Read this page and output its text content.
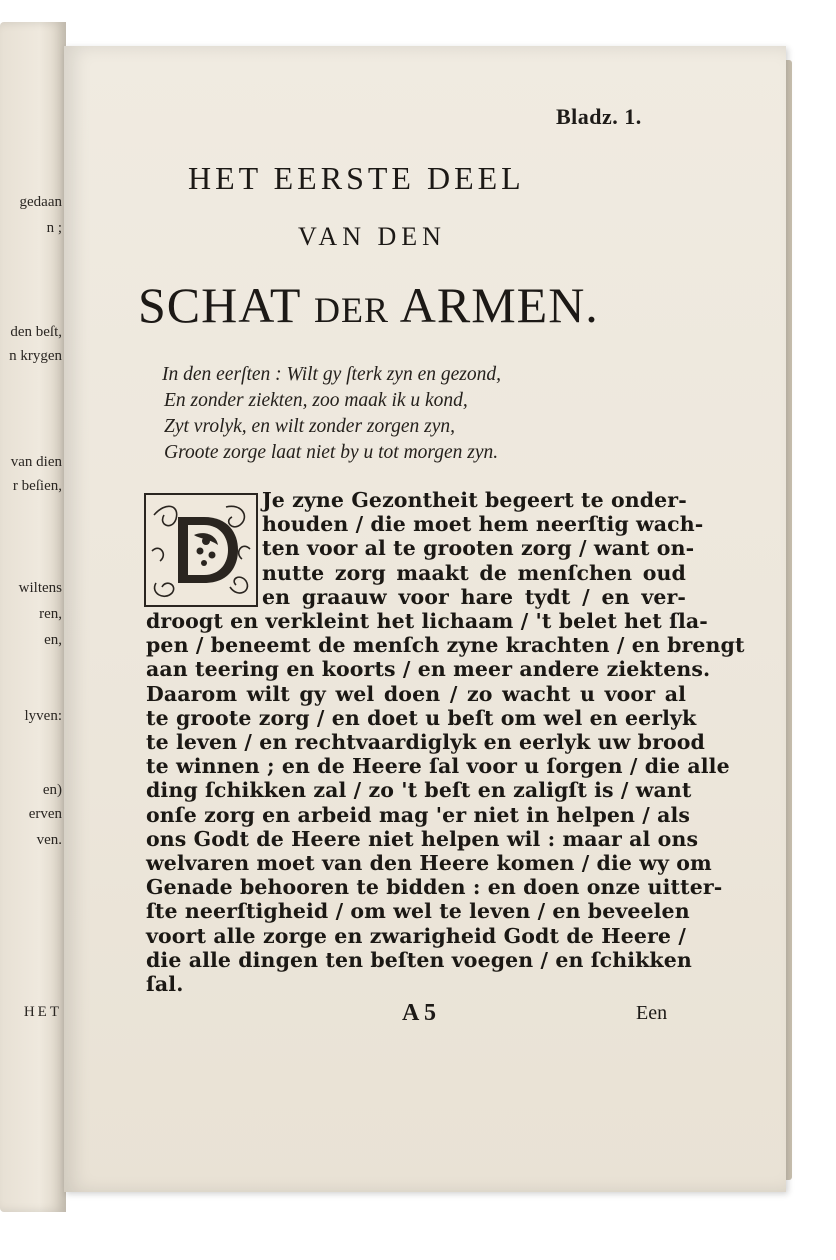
gedaan
n ;
den beſt,
n krygen
van dien
r beſien,
wiltens
ren,
en,
lyven:
en)
erven
ven.
HET
Bladz. 1.
HET EERSTE DEEL
VAN DEN
SCHAT DER ARMEN.
In den eerſten : Wilt gy ſterk zyn en gezond,
En zonder ziekten, zoo maak ik u kond,
Zyt vrolyk, en wilt zonder zorgen zyn,
Groote zorge laat niet by u tot morgen zyn.
Je zyne Gezontheit begeert te onder-
houden / die moet hem neerſtig wach-
ten voor al te grooten zorg / want on-
nutte zorg maakt de menſchen oud
en graauw voor hare tydt / en ver-
droogt en verkleint het lichaam / 't belet het ſla-
pen / beneemt de menſch zyne krachten / en brengt
aan teering en koorts / en meer andere ziektens.
Daarom wilt gy wel doen / zo wacht u voor al
te groote zorg / en doet u beſt om wel en eerlyk
te leven / en rechtvaardiglyk en eerlyk uw brood
te winnen ; en de Heere ſal voor u ſorgen / die alle
ding ſchikken zal / zo 't beſt en zaligſt is / want
onſe zorg en arbeid mag 'er niet in helpen / als
ons Godt de Heere niet helpen wil : maar al ons
welvaren moet van den Heere komen / die wy om
Genade behooren te bidden : en doen onze uitter-
ſte neerſtigheid / om wel te leven / en beveelen
voort alle zorge en zwarigheid Godt de Heere /
die alle dingen ten beſten voegen / en ſchikken
ſal.
A 5	Een
